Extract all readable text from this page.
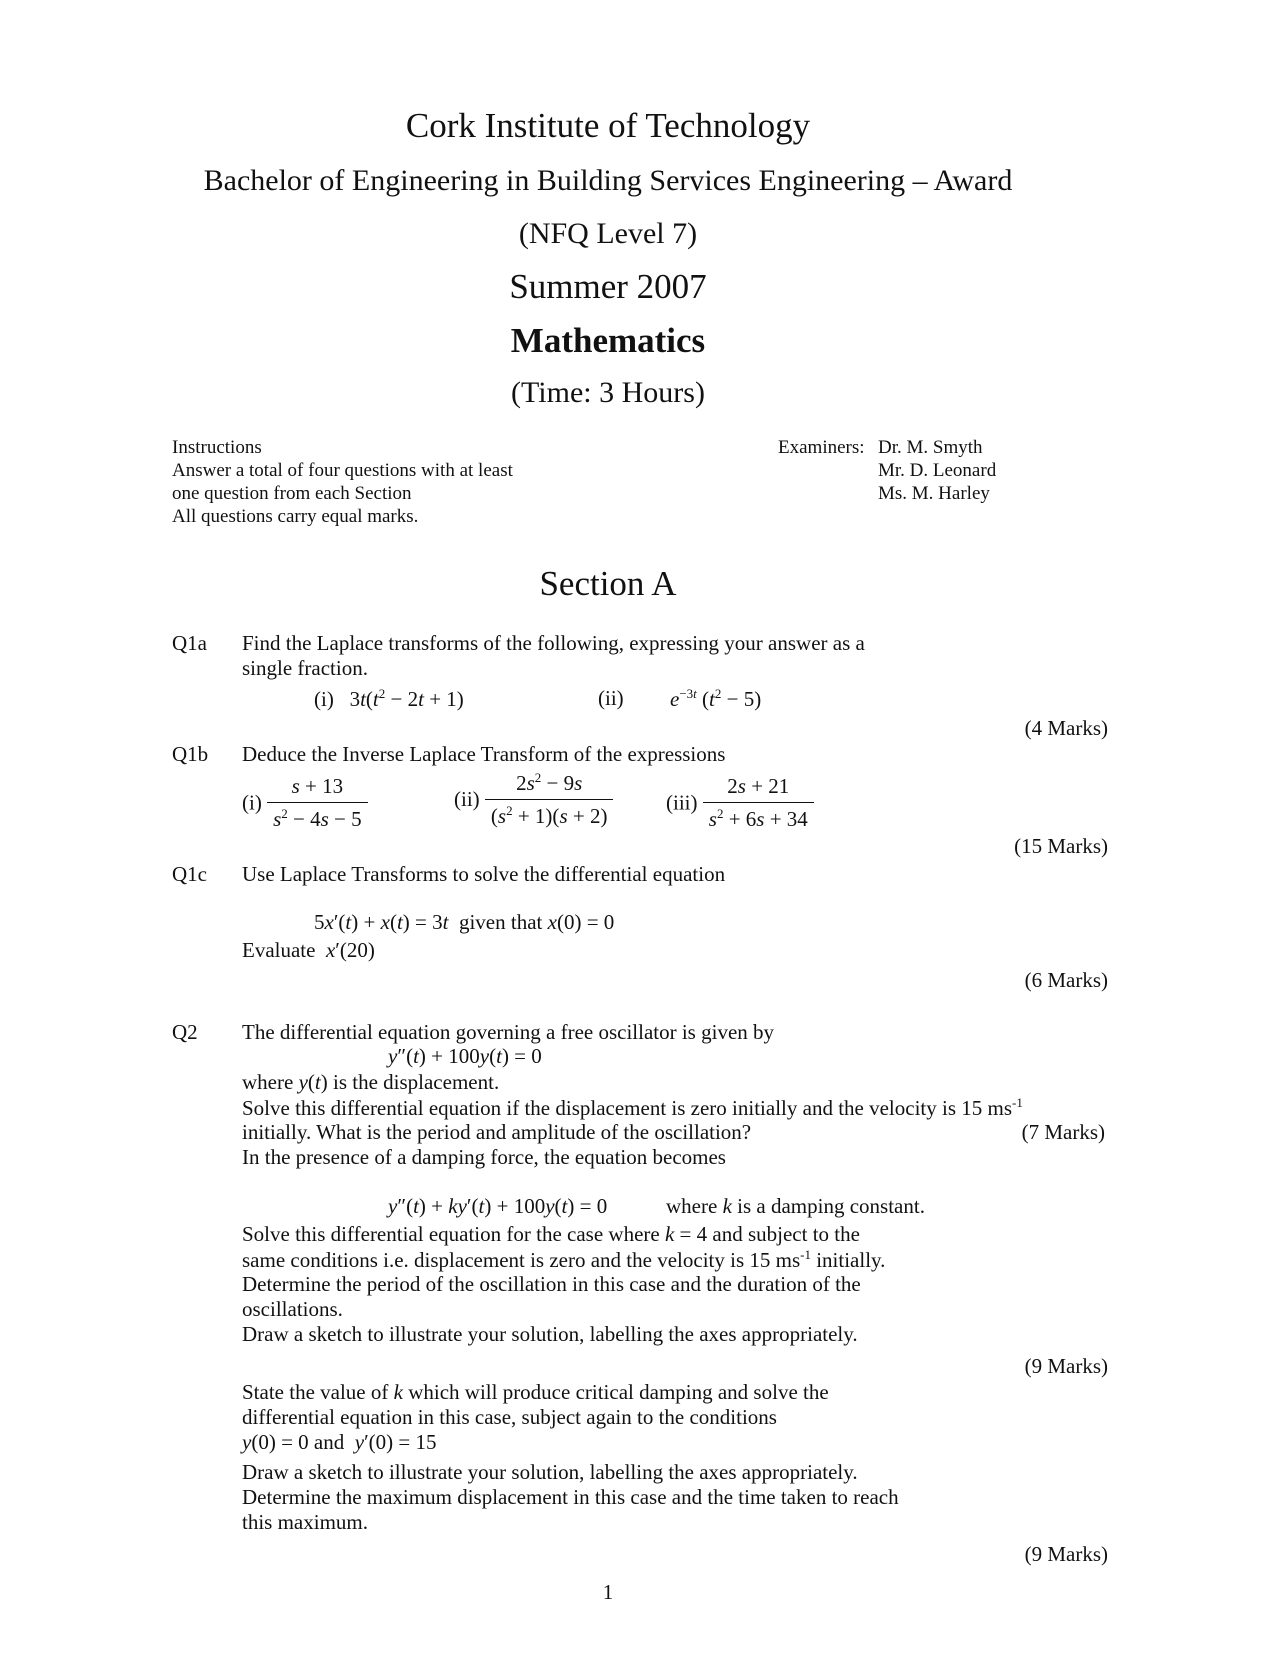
Cork Institute of Technology
Bachelor of Engineering in Building Services Engineering – Award
(NFQ Level 7)
Summer 2007
Mathematics
(Time: 3 Hours)
Instructions
Answer a total of four questions with at least
one question from each Section
All questions carry equal marks.
Examiners: Dr. M. Smyth
Mr. D. Leonard
Ms. M. Harley
Section A
Q1a Find the Laplace transforms of the following, expressing your answer as a
single fraction.
(i) $3t(t^2 - 2t + 1)$	(ii) $e^{-3t}$ $(t^2 - 5)$
(4 Marks)
Q1b Deduce the Inverse Laplace Transform of the expressions
$(i) \frac{s + 13}{s^2 - 4s - 5}$	$(ii) \frac{2s^2 - 9s}{(s^2 + 1)(s + 2)}$	$(iii) \frac{2s + 21}{s^2 + 6s + 34}$
(15 Marks)
Q1c Use Laplace Transforms to solve the differential equation
5x′(t) + x(t) = 3t given that x(0) = 0
Evaluate x′(20)
(6 Marks)
Q2 The differential equation governing a free oscillator is given by
y″(t) + 100y(t) = 0
where y(t) is the displacement.
Solve this differential equation if the displacement is zero initially and the velocity is 15 $ms^{-1}$
initially. What is the period and amplitude of the oscillation?	(7 Marks)
In the presence of a damping force, the equation becomes
y″(t) + ky′(t) + 100y(t) = 0	where k is a damping constant.
Solve this differential equation for the case where k = 4 and subject to the
same conditions i.e. displacement is zero and the velocity is 15 $ms^{-1}$ initially.
Determine the period of the oscillation in this case and the duration of the
oscillations.
Draw a sketch to illustrate your solution, labelling the axes appropriately.
(9 Marks)
State the value of k which will produce critical damping and solve the
differential equation in this case, subject again to the conditions
y(0) = 0 and y′(0) = 15
Draw a sketch to illustrate your solution, labelling the axes appropriately.
Determine the maximum displacement in this case and the time taken to reach
this maximum.
(9 Marks)
1
